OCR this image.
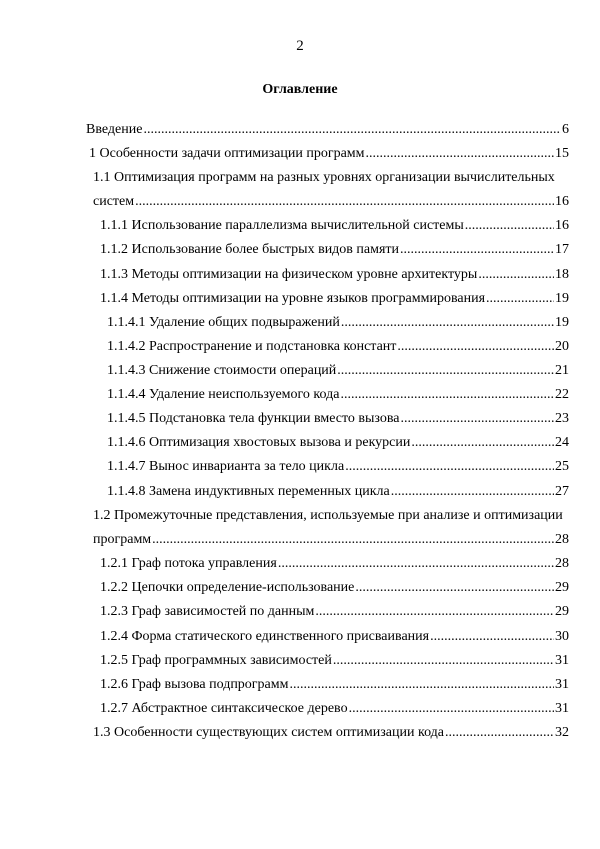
2
Оглавление
Введение .....	6
1 Особенности задачи оптимизации программ .....	15
1.1 Оптимизация программ на разных уровнях организации вычислительных
систем .....	16
1.1.1 Использование параллелизма вычислительной системы .....	16
1.1.2 Использование более быстрых видов памяти .....	17
1.1.3 Методы оптимизации на физическом уровне архитектуры .....	18
1.1.4 Методы оптимизации на уровне языков программирования .....	19
1.1.4.1 Удаление общих подвыражений .....	19
1.1.4.2 Распространение и подстановка констант .....	20
1.1.4.3 Снижение стоимости операций .....	21
1.1.4.4 Удаление неиспользуемого кода .....	22
1.1.4.5 Подстановка тела функции вместо вызова .....	23
1.1.4.6 Оптимизация хвостовых вызова и рекурсии .....	24
1.1.4.7 Вынос инварианта за тело цикла .....	25
1.1.4.8 Замена индуктивных переменных цикла .....	27
1.2 Промежуточные представления, используемые при анализе и оптимизации
программ .....	28
1.2.1 Граф потока управления .....	28
1.2.2 Цепочки определение-использование .....	29
1.2.3 Граф зависимостей по данным .....	29
1.2.4 Форма статического единственного присваивания .....	30
1.2.5 Граф программных зависимостей .....	31
1.2.6 Граф вызова подпрограмм .....	31
1.2.7 Абстрактное синтаксическое дерево .....	31
1.3 Особенности существующих систем оптимизации кода .....	32
